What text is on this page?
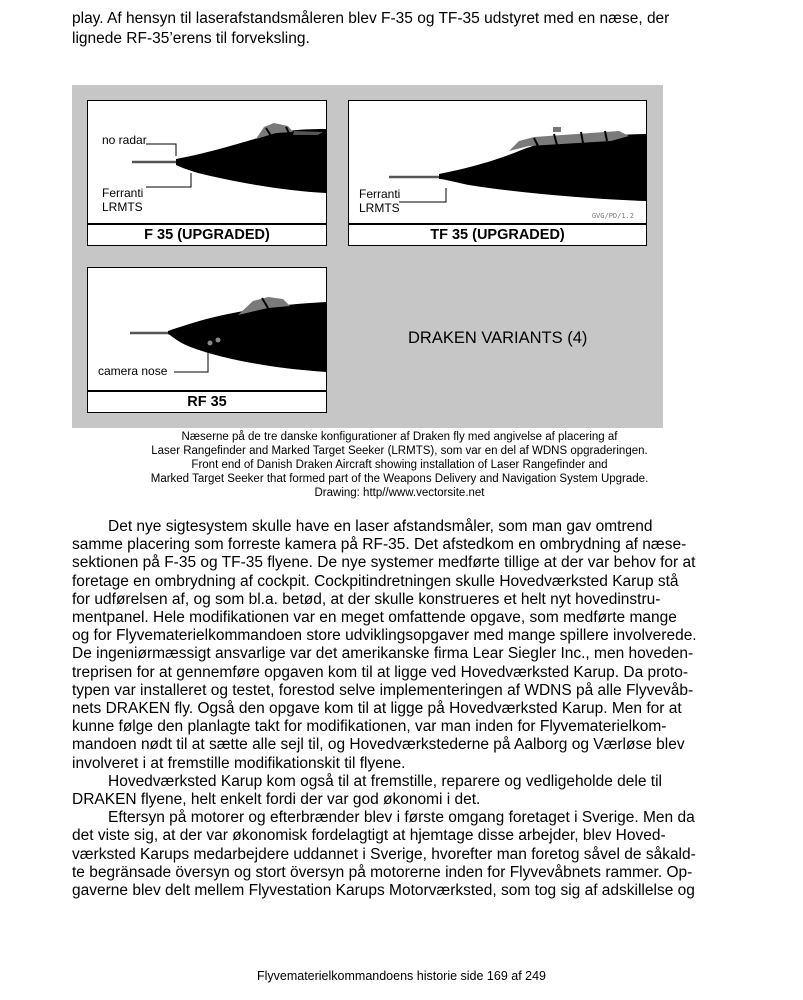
play. Af hensyn til laserafstandsmåleren blev F-35 og TF-35 udstyret med en næse, der
lignede RF-35’erens til forveksling.

no radar
Ferranti
LRMTS
F 35 (UPGRADED)
Ferranti
LRMTS
GVG/PD/1.2
TF 35 (UPGRADED)
camera nose
RF 35
DRAKEN VARIANTS (4)
Næserne på de tre danske konfigurationer af Draken fly med angivelse af placering af
Laser Rangefinder and Marked Target Seeker (LRMTS), som var en del af WDNS opgraderingen.
Front end of Danish Draken Aircraft showing installation of Laser Rangefinder and
Marked Target Seeker that formed part of the Weapons Delivery and Navigation System Upgrade.
Drawing: http//www.vectorsite.net

Det nye sigtesystem skulle have en laser afstandsmåler, som man gav omtrend
samme placering som forreste kamera på RF-35. Det afstedkom en ombrydning af næse-
sektionen på F-35 og TF-35 flyene. De nye systemer medførte tillige at der var behov for at
foretage en ombrydning af cockpit. Cockpitindretningen skulle Hovedværksted Karup stå
for udførelsen af, og som bl.a. betød, at der skulle konstrueres et helt nyt hovedinstru-
mentpanel. Hele modifikationen var en meget omfattende opgave, som medførte mange
og for Flyvematerielkommandoen store udviklingsopgaver med mange spillere involverede.
De ingeniørmæssigt ansvarlige var det amerikanske firma Lear Siegler Inc., men hoveden-
treprisen for at gennemføre opgaven kom til at ligge ved Hovedværksted Karup. Da proto-
typen var installeret og testet, forestod selve implementeringen af WDNS på alle Flyvevåb-
nets DRAKEN fly. Også den opgave kom til at ligge på Hovedværksted Karup. Men for at
kunne følge den planlagte takt for modifikationen, var man inden for Flyvematerielkom-
mandoen nødt til at sætte alle sejl til, og Hovedværkstederne på Aalborg og Værløse blev
involveret i at fremstille modifikationskit til flyene.

Hovedværksted Karup kom også til at fremstille, reparere og vedligeholde dele til
DRAKEN flyene, helt enkelt fordi der var god økonomi i det.

Eftersyn på motorer og efterbrænder blev i første omgang foretaget i Sverige. Men da
det viste sig, at der var økonomisk fordelagtigt at hjemtage disse arbejder, blev Hoved-
værksted Karups medarbejdere uddannet i Sverige, hvorefter man foretog såvel de såkald-
te begränsade översyn og stort översyn på motorerne inden for Flyvevåbnets rammer. Op-
gaverne blev delt mellem Flyvestation Karups Motorværksted, som tog sig af adskillelse og

Flyvematerielkommandoens historie side 169 af 249
